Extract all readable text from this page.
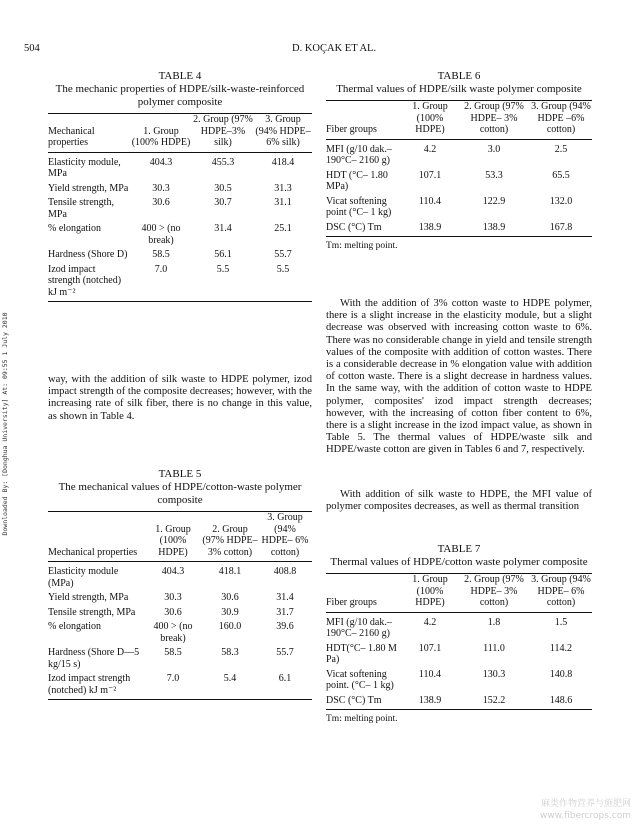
504	D. KOÇAK ET AL.
Downloaded By: [Donghua University] At: 09:55 1 July 2010
TABLE 4
The mechanic properties of HDPE/silk-waste-reinforced polymer composite
Mechanical properties	1. Group (100% HDPE)	2. Group (97% HDPE–3% silk)	3. Group (94% HDPE–6% silk)
Elasticity module, MPa	404.3	455.3	418.4
Yield strength, MPa	30.3	30.5	31.3
Tensile strength, MPa	30.6	30.7	31.1
% elongation	400 > (no break)	31.4	25.1
Hardness (Shore D)	58.5	56.1	55.7
Izod impact strength (notched) kJ m⁻²	7.0	5.5	5.5
way, with the addition of silk waste to HDPE polymer, izod impact strength of the composite decreases; however, with the increasing rate of silk fiber, there is no change in this value, as shown in Table 4.
TABLE 5
The mechanical values of HDPE/cotton-waste polymer composite
Mechanical properties	1. Group (100% HDPE)	2. Group (97% HDPE– 3% cotton)	3. Group (94% HDPE– 6% cotton)
Elasticity module (MPa)	404.3	418.1	408.8
Yield strength, MPa	30.3	30.6	31.4
Tensile strength, MPa	30.6	30.9	31.7
% elongation	400 > (no break)	160.0	39.6
Hardness (Shore D—5 kg/15 s)	58.5	58.3	55.7
Izod impact strength (notched) kJ m⁻²	7.0	5.4	6.1
TABLE 6
Thermal values of HDPE/silk waste polymer composite
Fiber groups	1. Group (100% HDPE)	2. Group (97% HDPE– 3% cotton)	3. Group (94% HDPE –6% cotton)
MFI (g/10 dak.–190°C– 2160 g)	4.2	3.0	2.5
HDT (°C– 1.80 MPa)	107.1	53.3	65.5
Vicat softening point (°C– 1 kg)	110.4	122.9	132.0
DSC (°C) Tm	138.9	138.9	167.8
Tm: melting point.
With the addition of 3% cotton waste to HDPE polymer, there is a slight increase in the elasticity module, but a slight decrease was observed with increasing cotton waste to 6%. There was no considerable change in yield and tensile strength values of the composite with addition of cotton wastes. There is a considerable decrease in % elongation value with addition of cotton waste. There is a slight decrease in hardness values. In the same way, with the addition of cotton waste to HDPE polymer, composites' izod impact strength decreases; however, with the increasing of cotton fiber content to 6%, there is a slight increase in the izod impact value, as shown in Table 5. The thermal values of HDPE/waste silk and HDPE/waste cotton are given in Tables 6 and 7, respectively.
With addition of silk waste to HDPE, the MFI value of polymer composites decreases, as well as thermal transition
TABLE 7
Thermal values of HDPE/cotton waste polymer composite
Fiber groups	1. Group (100% HDPE)	2. Group (97% HDPE– 3% cotton)	3. Group (94% HDPE– 6% cotton)
MFI (g/10 dak.–190°C– 2160 g)	4.2	1.8	1.5
HDT(°C– 1.80 M Pa)	107.1	111.0	114.2
Vicat softening point. (°C– 1 kg)	110.4	130.3	140.8
DSC (°C) Tm	138.9	152.2	148.6
Tm: melting point.
麻类作物营养与施肥网
www.fibercrops.com
